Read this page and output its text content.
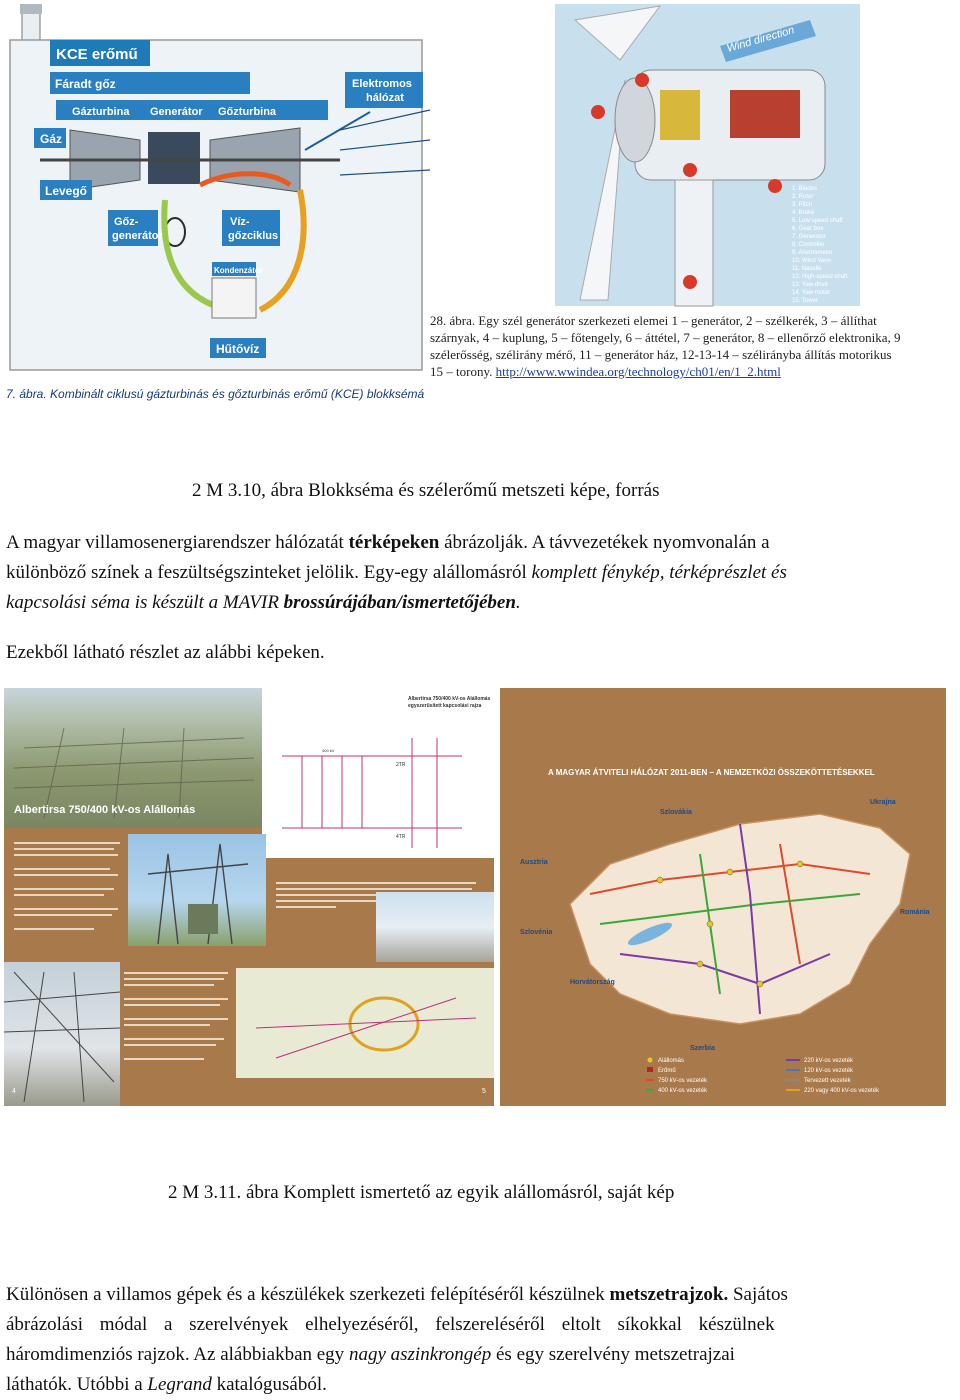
KCE erőmű
Fáradt gőz
Gázturbina Generátor Gőzturbina
Elektromos
hálózat
Gáz
Levegő
Gőz-
generátor
Víz-
gőzciklus
Kondenzátor
Hűtővíz
7. ábra. Kombinált ciklusú gázturbinás és gőzturbinás erőmű (KCE) blokksémá
Wind direction
1. Blades
2. Rotor
3. Pitch
4. Brake
5. Low-speed shaft
6. Gear box
7. Generator
8. Controller
9. Anemometer
10. Wind Vane
11. Nacelle
12. High-speed shaft
13. Yaw drive
14. Yaw motor
15. Tower
28. ábra. Egy szél generátor szerkezeti elemei 1 – generátor, 2 – szélkerék, 3 – állíthat
szárnyak, 4 – kuplung, 5 – főtengely, 6 – áttétel, 7 – generátor, 8 – ellenőrző elektronika, 9
szélerősség, szélirány mérő, 11 – generátor ház, 12-13-14 – szélirányba állítás motorikus
15 – torony. http://www.wwindea.org/technology/ch01/en/1_2.html
2 M 3.10, ábra Blokkséma és szélerőmű metszeti képe, forrás
A magyar villamosenergiarendszer hálózatát térképeken ábrázolják. A távvezetékek nyomvonalán a
különböző színek a feszültségszinteket jelölik. Egy-egy alállomásról komplett fénykép, térképrészlet és
kapcsolási séma is készült a MAVIR brossúrájában/ismertetőjében.
Ezekből látható részlet az alábbi képeken.
Albertirsa 750/400 kV-os Alállomás
Albertirsa 750/400 kV-os Alállomás egyszerűsített kapcsolási rajza
2TR
4TR
400 kV
4	5
A MAGYAR ÁTVITELI HÁLÓZAT 2011-BEN – A NEMZETKÖZI ÖSSZEKÖTTETÉSEKKEL
Szlovákia
Ukrajna
Ausztria
Románia
Szlovénia
Horvátország
Szerbia
Alállomás
Erőmű
750 kV-os vezeték
400 kV-os vezeték
220 kV-os vezeték
120 kV-os vezeték
Tervezett vezeték
220 vagy 400 kV-os vezeték
2 M 3.11. ábra Komplett ismertető az egyik alállomásról, saját kép
Különösen a villamos gépek és a készülékek szerkezeti felépítéséről készülnek metszetrajzok. Sajátos
ábrázolási módal a szerelvények elhelyezéséről, felszereléséről eltolt síkokkal készülnek
háromdimenziós rajzok. Az alábbiakban egy nagy aszinkrongép és egy szerelvény metszetrajzai
láthatók. Utóbbi a Legrand katalógusából.
